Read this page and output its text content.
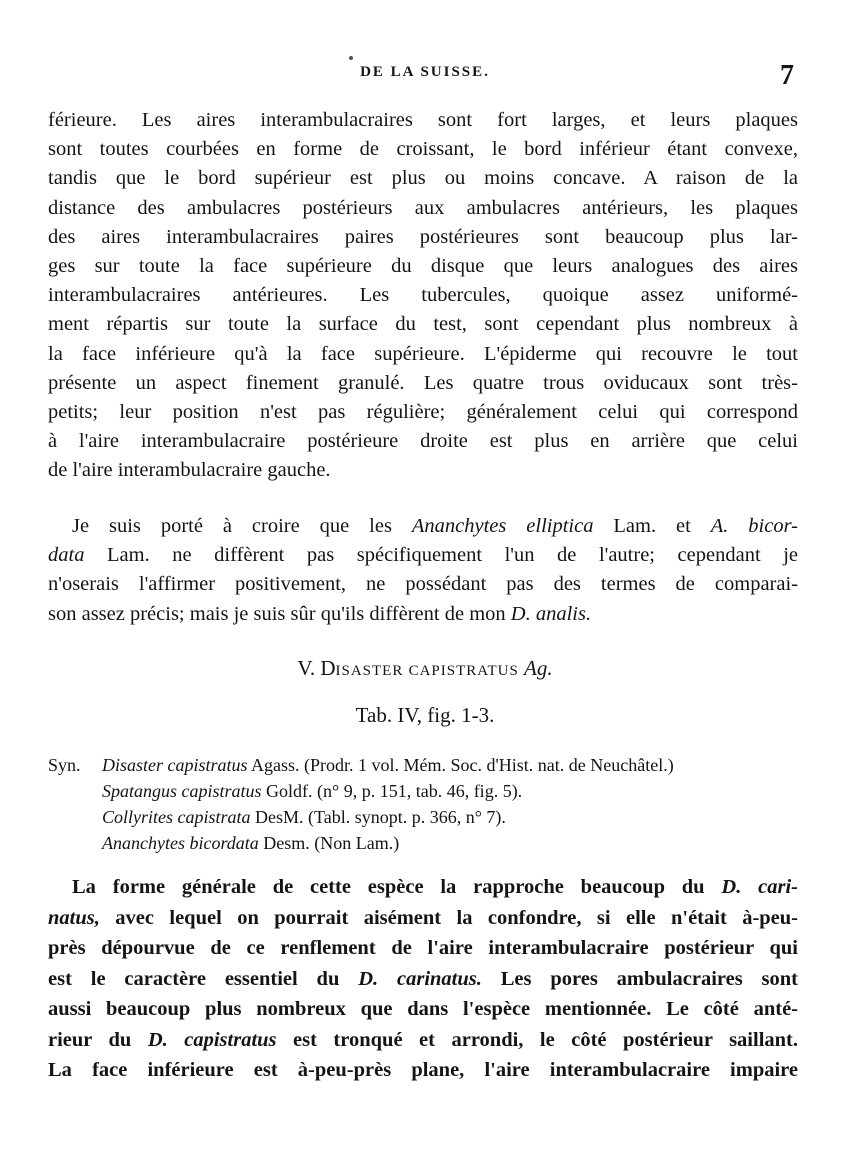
DE LA SUISSE.	7
férieure. Les aires interambulacraires sont fort larges, et leurs plaques
sont toutes courbées en forme de croissant, le bord inférieur étant convexe,
tandis que le bord supérieur est plus ou moins concave. A raison de la
distance des ambulacres postérieurs aux ambulacres antérieurs, les plaques
des aires interambulacraires paires postérieures sont beaucoup plus lar-
ges sur toute la face supérieure du disque que leurs analogues des aires
interambulacraires antérieures. Les tubercules, quoique assez uniformé-
ment répartis sur toute la surface du test, sont cependant plus nombreux à
la face inférieure qu'à la face supérieure. L'épiderme qui recouvre le tout
présente un aspect finement granulé. Les quatre trous oviducaux sont très-
petits; leur position n'est pas régulière; généralement celui qui correspond
à l'aire interambulacraire postérieure droite est plus en arrière que celui
de l'aire interambulacraire gauche.
Je suis porté à croire que les Ananchytes elliptica Lam. et A. bicor-
data Lam. ne diffèrent pas spécifiquement l'un de l'autre; cependant je
n'oserais l'affirmer positivement, ne possédant pas des termes de comparai-
son assez précis; mais je suis sûr qu'ils diffèrent de mon D. analis.
V. DISASTER CAPISTRATUS Ag.
Tab. IV, fig. 1-3.
Syn. Disaster capistratus Agass. (Prodr. 1 vol. Mém. Soc. d'Hist. nat. de Neuchâtel.)
Spatangus capistratus Goldf. (n° 9, p. 151, tab. 46, fig. 5).
Collyrites capistrata DesM. (Tabl. synopt. p. 366, n° 7).
Ananchytes bicordata Desm. (Non Lam.)
La forme générale de cette espèce la rapproche beaucoup du D. cari-
natus, avec lequel on pourrait aisément la confondre, si elle n'était à-peu-
près dépourvue de ce renflement de l'aire interambulacraire postérieur qui
est le caractère essentiel du D. carinatus. Les pores ambulacraires sont
aussi beaucoup plus nombreux que dans l'espèce mentionnée. Le côté anté-
rieur du D. capistratus est tronqué et arrondi, le côté postérieur saillant.
La face inférieure est à-peu-près plane, l'aire interambulacraire impaire
